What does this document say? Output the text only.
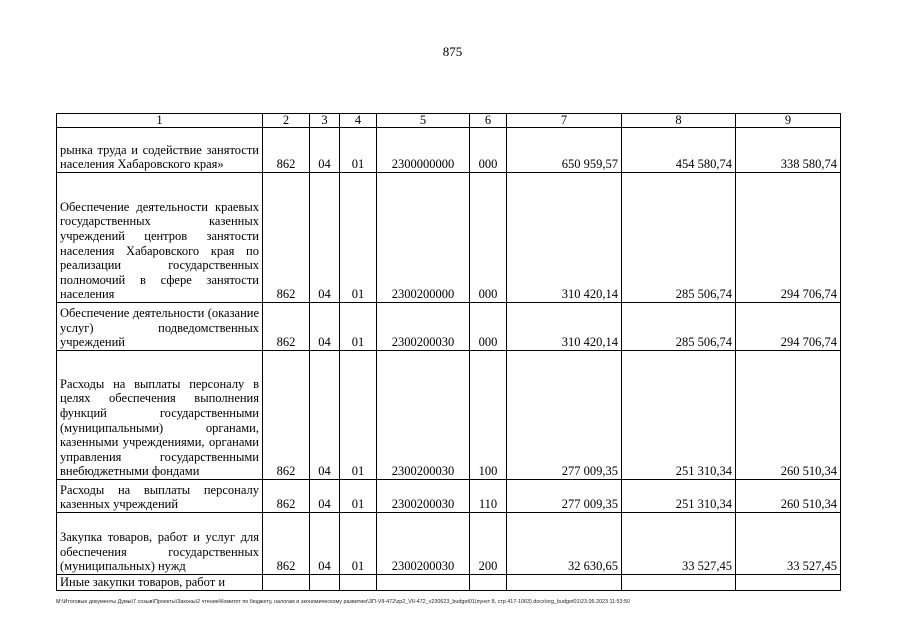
875
1	2	3	4	5	6	7	8	9
рынка труда и содействие занятости населения Хабаровского края»	862	04	01	2300000000	000	650 959,57	454 580,74	338 580,74
Обеспечение деятельности краевых государственных казенных учреждений центров занятости населения Хабаровского края по реализации государственных полномочий в сфере занятости населения	862	04	01	2300200000	000	310 420,14	285 506,74	294 706,74
Обеспечение деятельности (оказание услуг) подведомственных учреждений	862	04	01	2300200030	000	310 420,14	285 506,74	294 706,74
Расходы на выплаты персоналу в целях обеспечения выполнения функций государственными (муниципальными) органами, казенными учреждениями, органами управления государственными внебюджетными фондами	862	04	01	2300200030	100	277 009,35	251 310,34	260 510,34
Расходы на выплаты персоналу казенных учреждений	862	04	01	2300200030	110	277 009,35	251 310,34	260 510,34
Закупка товаров, работ и услуг для обеспечения государственных (муниципальных) нужд	862	04	01	2300200030	200	32 630,65	33 527,45	33 527,45
Иные закупки товаров, работ и								
M:\Итоговые документы Думы\7 созыв\Проекты\Законы\2 чтение\Комитет по бюджету, налогам и экономическому развитию\ЗП-VII-472\zp2_VII-472_v230623_budget01(пункт 8, стр.417-1063).docx\org_budget01\23.06.2023 11:53:50
